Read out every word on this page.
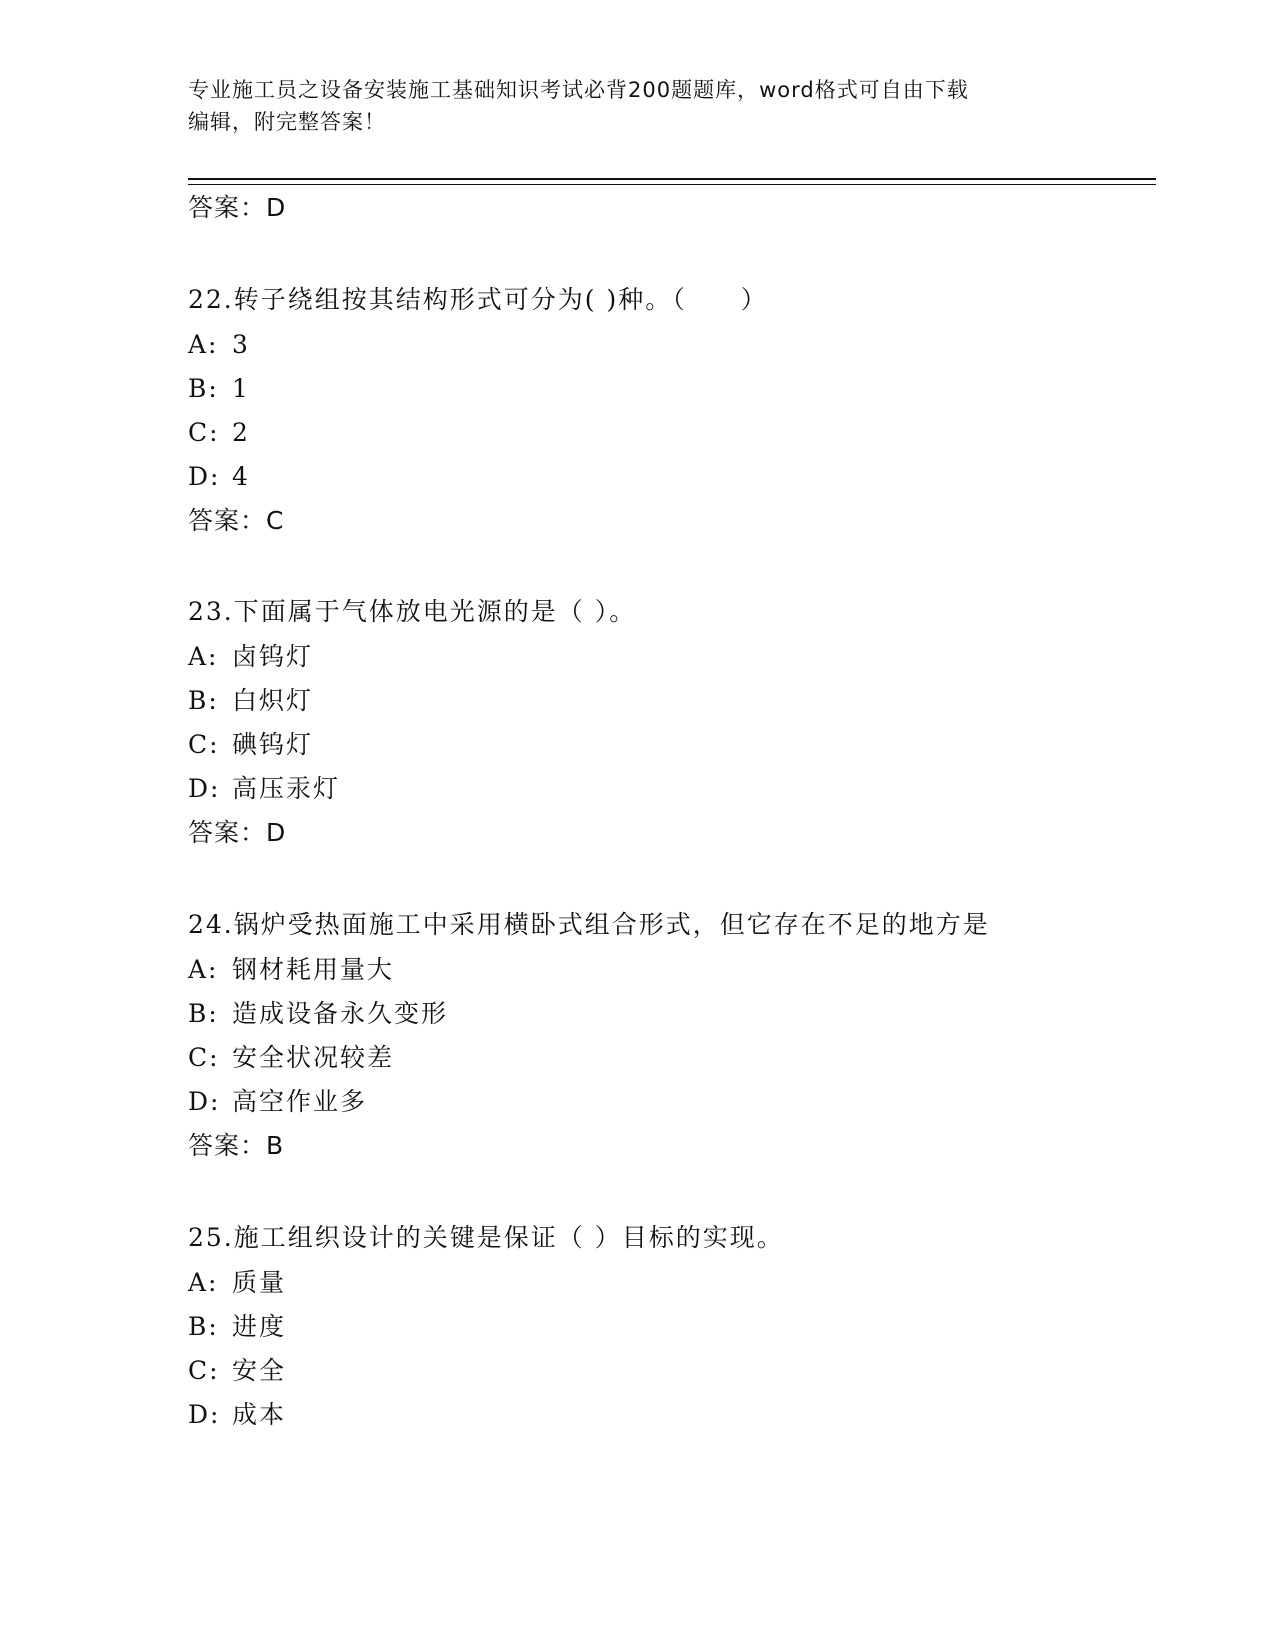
专业施工员之设备安装施工基础知识考试必背200题题库，word格式可自由下载
编辑，附完整答案！
答案：D
22.转子绕组按其结构形式可分为( )种。（　　）
A: 3
B: 1
C: 2
D: 4
答案：C
23.下面属于气体放电光源的是（ ）。
A: 卤钨灯
B: 白炽灯
C: 碘钨灯
D: 高压汞灯
答案：D
24.锅炉受热面施工中采用横卧式组合形式，但它存在不足的地方是
A: 钢材耗用量大
B: 造成设备永久变形
C: 安全状况较差
D: 高空作业多
答案：B
25.施工组织设计的关键是保证（ ）目标的实现。
A: 质量
B: 进度
C: 安全
D: 成本
